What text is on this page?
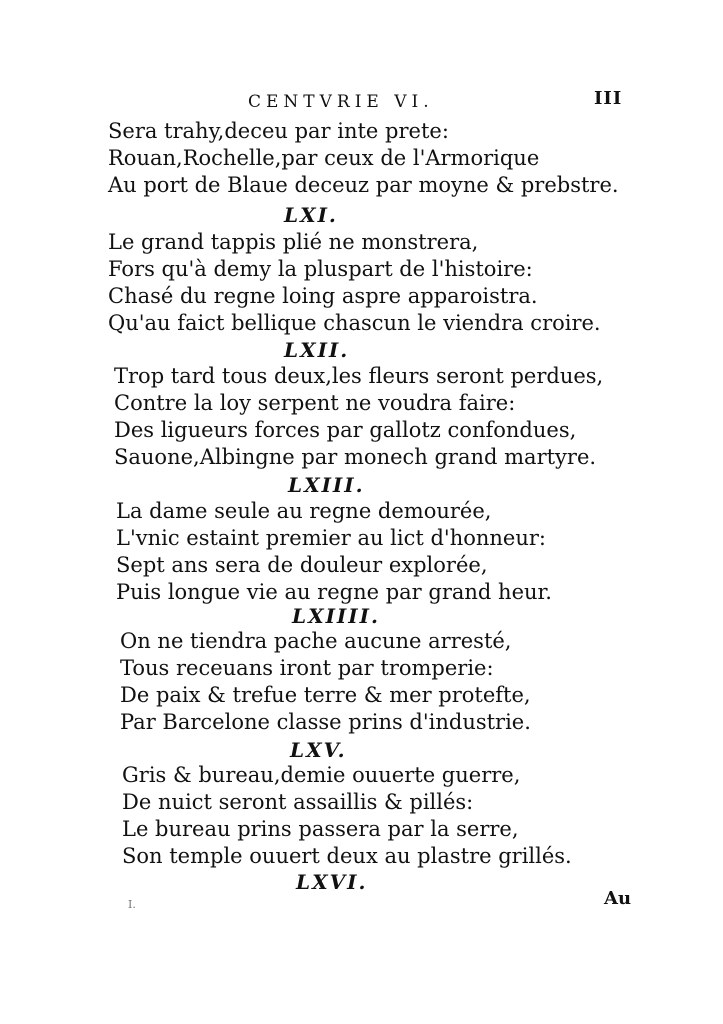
CENTVRIE VI.	III
Sera trahy,deceu par inte prete:
Rouan,Rochelle,par ceux de l'Armorique
Au port de Blaue deceuz par moyne & prebstre.
LXI.
Le grand tappis plié ne monstrera,
Fors qu'à demy la pluspart de l'histoire:
Chasé du regne loing aspre apparoistra.
Qu'au faict bellique chascun le viendra croire.
LXII.
Trop tard tous deux,les fleurs seront perdues,
Contre la loy serpent ne voudra faire:
Des ligueurs forces par gallotz confondues,
Sauone,Albingne par monech grand martyre.
LXIII.
La dame seule au regne demourée,
L'vnic estaint premier au lict d'honneur:
Sept ans sera de douleur explorée,
Puis longue vie au regne par grand heur.
LXIIII.
On ne tiendra pache aucune arresté,
Tous receuans iront par tromperie:
De paix & trefue terre & mer protefte,
Par Barcelone classe prins d'industrie.
LXV.
Gris & bureau,demie ouuerte guerre,
De nuict seront assaillis & pillés:
Le bureau prins passera par la serre,
Son temple ouuert deux au plastre grillés.
LXVI.
I.	Au
